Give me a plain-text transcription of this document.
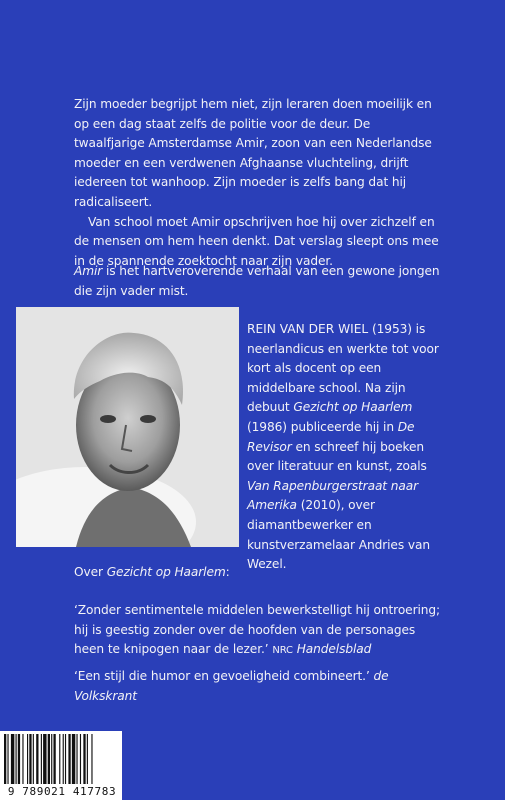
Zijn moeder begrijpt hem niet, zijn leraren doen moeilijk en op een dag staat zelfs de politie voor de deur. De twaalfjarige Amsterdamse Amir, zoon van een Nederlandse moeder en een verdwenen Afghaanse vluchteling, drijft iedereen tot wanhoop. Zijn moeder is zelfs bang dat hij radicaliseert.

Van school moet Amir opschrijven hoe hij over zichzelf en de mensen om hem heen denkt. Dat verslag sleept ons mee in de spannende zoektocht naar zijn vader.

Amir is het hartveroverende verhaal van een gewone jongen die zijn vader mist.
REIN VAN DER WIEL (1953) is neerlandicus en werkte tot voor kort als docent op een middelbare school. Na zijn debuut Gezicht op Haarlem (1986) publiceerde hij in De Revisor en schreef hij boeken over literatuur en kunst, zoals Van Rapenburgerstraat naar Amerika (2010), over diamantbewerker en kunstverzamelaar Andries van Wezel.
Over Gezicht op Haarlem:
‘Zonder sentimentele middelen bewerkstelligt hij ontroering; hij is geestig zonder over de hoofden van de personages heen te knipogen naar de lezer.’ NRC Handelsblad
‘Een stijl die humor en gevoeligheid combineert.’ de Volkskrant
9 789021 417783
